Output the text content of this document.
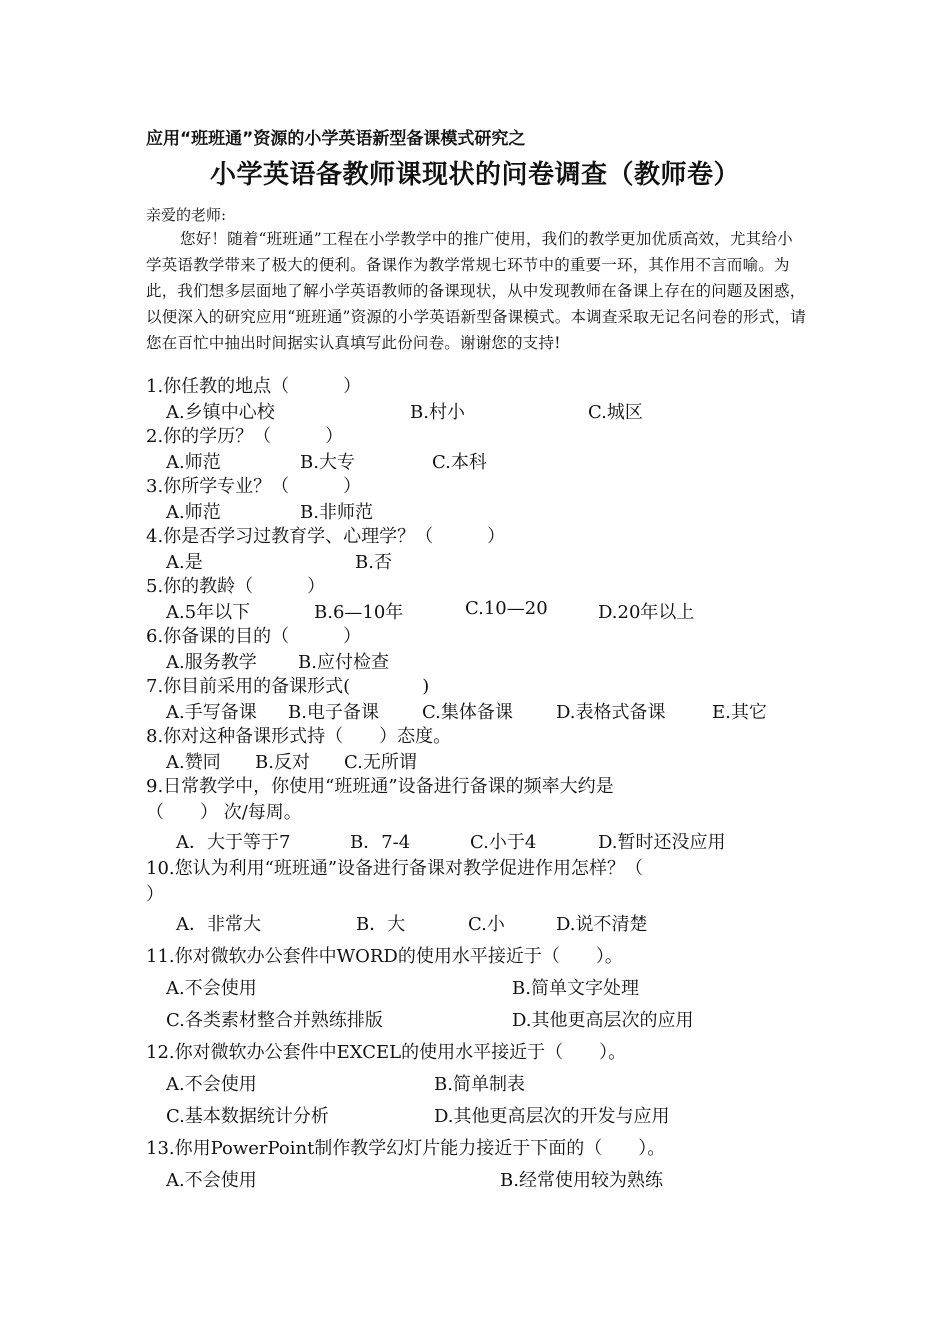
应用“班班通”资源的小学英语新型备课模式研究之
小学英语备教师课现状的问卷调查（教师卷）
亲爱的老师:
您好！随着“班班通”工程在小学教学中的推广使用，我们的教学更加优质高效，尤其给小学英语教学带来了极大的便利。备课作为教学常规七环节中的重要一环，其作用不言而喻。为此，我们想多层面地了解小学英语教师的备课现状，从中发现教师在备课上存在的问题及困惑，以便深入的研究应用“班班通”资源的小学英语新型备课模式。本调查采取无记名问卷的形式，请您在百忙中抽出时间据实认真填写此份问卷。谢谢您的支持!
1.你任教的地点（　　　）
A.乡镇中心校	B.村小	C.城区
2.你的学历？（　　　）
A.师范	B.大专	C.本科
3.你所学专业？（　　　）
A.师范	B.非师范
4.你是否学习过教育学、心理学？（　　　）
A.是	B.否
5.你的教龄（　　　）
A.5年以下	B.6—10年	C.10—20	D.20年以上
6.你备课的目的（　　　）
A.服务教学 B.应付检查
7.你目前采用的备课形式(　　　　)
A.手写备课 B.电子备课 C.集体备课 D.表格式备课	E.其它
8.你对这种备课形式持（　　）态度。
A.赞同 B.反对 C.无所谓
9.日常教学中，你使用“班班通”设备进行备课的频率大约是
（　　） 次/每周。
A．大于等于7	B．7-4	C.小于4	D.暂时还没应用
10.您认为利用“班班通”设备进行备课对教学促进作用怎样？（
）
A．非常大	B．大	C.小	D.说不清楚
11.你对微软办公套件中WORD的使用水平接近于（　　）。
A.不会使用	B.简单文字处理
C.各类素材整合并熟练排版	D.其他更高层次的应用
12.你对微软办公套件中EXCEL的使用水平接近于（　　）。
A.不会使用	B.简单制表
C.基本数据统计分析	D.其他更高层次的开发与应用
13.你用PowerPoint制作教学幻灯片能力接近于下面的（　　）。
A.不会使用	B.经常使用较为熟练
